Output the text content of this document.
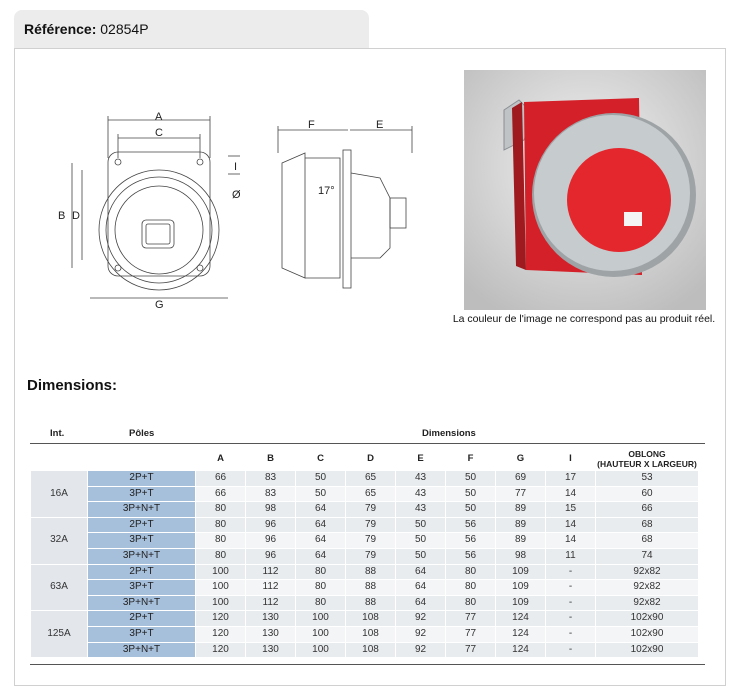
Référence: 02854P
A
C
B D
G
I
Ø
F	E
17°
La couleur de l'image ne correspond pas au produit réel.
Dimensions:
Int.	Pôles	Dimensions
		A	B	C	D	E	F	G	I	OBLONG
(HAUTEUR X LARGEUR)

16A	2P+T	66	83	50	65	43	50	69	17	53
	3P+T	66	83	50	65	43	50	77	14	60
	3P+N+T	80	98	64	79	43	50	89	15	66
32A	2P+T	80	96	64	79	50	56	89	14	68
	3P+T	80	96	64	79	50	56	89	14	68
	3P+N+T	80	96	64	79	50	56	98	11	74
63A	2P+T	100	112	80	88	64	80	109	-	92x82
	3P+T	100	112	80	88	64	80	109	-	92x82
	3P+N+T	100	112	80	88	64	80	109	-	92x82
125A	2P+T	120	130	100	108	92	77	124	-	102x90
	3P+T	120	130	100	108	92	77	124	-	102x90
	3P+N+T	120	130	100	108	92	77	124	-	102x90
